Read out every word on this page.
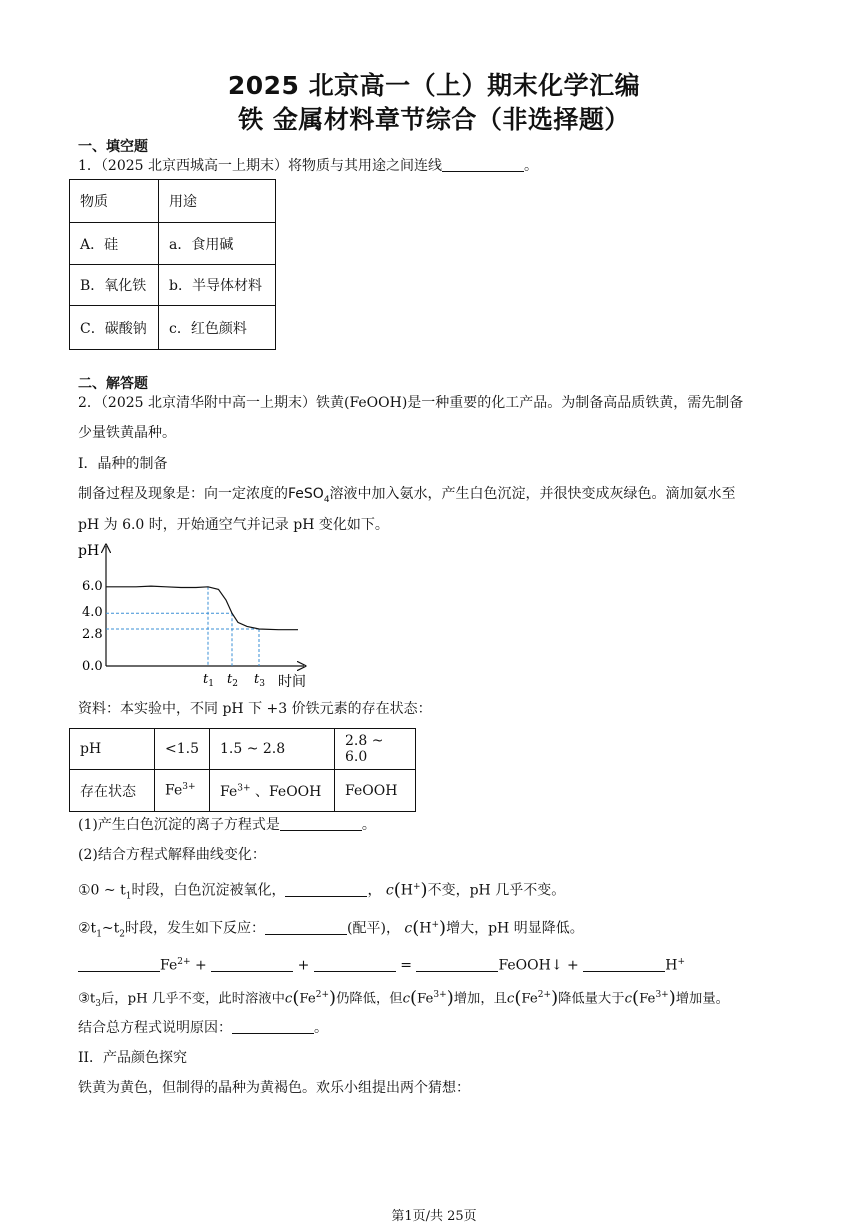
2025 北京高一（上）期末化学汇编
铁 金属材料章节综合（非选择题）
一、填空题
1．（2025 北京西城高一上期末）将物质与其用途之间连线	。
物质	用途
A．硅	a．食用碱
B．氧化铁	b．半导体材料
C．碳酸钠	c．红色颜料
二、解答题
2．（2025 北京清华附中高一上期末）铁黄(FeOOH)是一种重要的化工产品。为制备高品质铁黄，需先制备
少量铁黄晶种。
I．晶种的制备
制备过程及现象是：向一定浓度的FeSO$_4$溶液中加入氨水，产生白色沉淀，并很快变成灰绿色。滴加氨水至
pH 为 6.0 时，开始通空气并记录 pH 变化如下。
pH
时间
6.0
4.0
2.8
0.0
$t_1$ $t_2$ $t_3$
资料：本实验中，不同 pH 下 +3 价铁元素的存在状态：
pH	<1.5	1.5 ~ 2.8	2.8 ~ 6.0
存在状态	$Fe^{3+}$	$Fe^{3+}$ 、FeOOH	FeOOH
(1)产生白色沉淀的离子方程式是	。
(2)结合方程式解释曲线变化：
①0 ~ $t_1$时段，白色沉淀被氧化，	， c(H+)不变，pH 几乎不变。
$②t_1\sim t_2$时段，发生如下反应：	(配平)， c(H+)增大，pH 明显降低。
$Fe^{2+}$ +	+	=	FeOOH↓ +	H+
$③t_3$后，pH 几乎不变，此时溶液中$c(Fe^{2+})$仍降低，但$c(Fe^{3+})$增加，且$c(Fe^{2+})$降低量大于$c(Fe^{3+})$增加量。
结合总方程式说明原因：	。
II．产品颜色探究
铁黄为黄色，但制得的晶种为黄褐色。欢乐小组提出两个猜想：
第1页/共 25页
